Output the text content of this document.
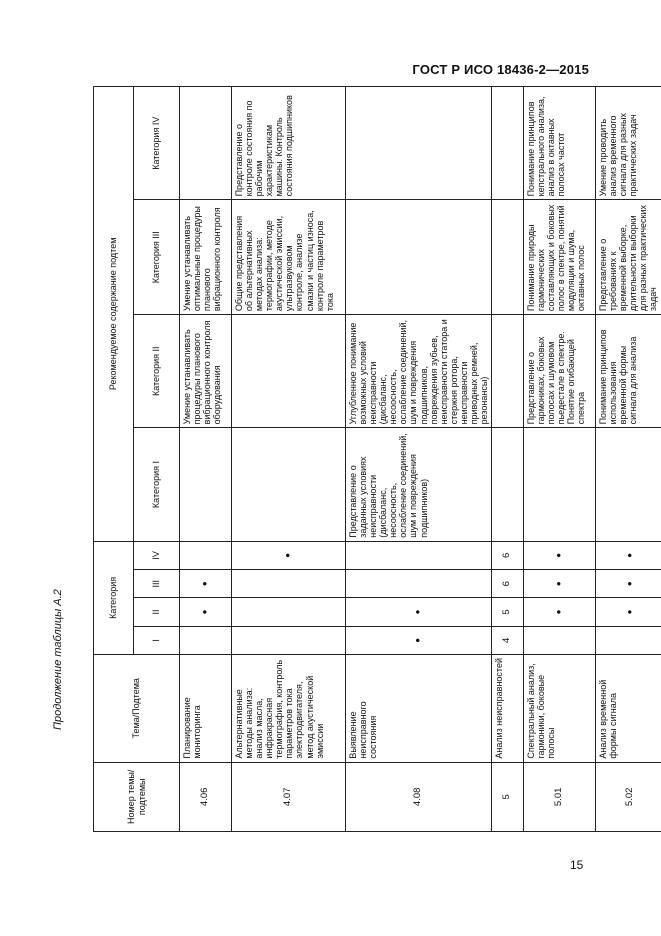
ГОСТ Р ИСО 18436-2—2015
Продолжение таблицы А.2
Номер темы/ подтемы	Тема/Подтема	Категория				Рекомендуемое содержание подтем			
		I	II	III	IV	Категория I	Категория II	Категория III	Категория IV
4.06	Планирование мониторинга		•	•			Умение устанавливать процедуры планового вибрационного контроля оборудования	Умение устанавливать оптимальные процедуры планового вибрационного контроля	
4.07	Альтернативные методы анализа: анализ масла, инфракрасная термография, контроль параметров тока электродвигателя, метод акустической эмиссии				•			Общие представления об альтернативных методах анализа: термографии, методе акустической эмиссии, ультразвуковом контроле, анализе смазки и частиц износа, контроле параметров тока	Представление о контроле состояния по рабочим характеристикам машины. Контроль состояния подшипников
4.08	Выявление неисправного состояния	•	•			Представление о заданных условиях неисправности (дисбаланс, несоосность, ослабление соединений, шум и повреждения подшипников)	Углубленное понимание возможных условий неисправности (дисбаланс, несоосность, ослабление соединений, шум и повреждения подшипников, повреждения зубьев, неисправности статора и стержня ротора, неисправности приводных ремней, резонансы)		
5	Анализ неисправностей	4	5	6	6				
5.01	Спектральный анализ, гармоники, боковые полосы		•	•	•		Представление о гармониках, боковых полосах и шумовом пьедестале в спектре. Понятие огибающей спектра	Понимание природы гармонических составляющих и боковых полос в спектре, понятий модуляции и шума, октавных полос	Понимание принципов кепстрального анализа, анализ в октавных полосах частот
5.02	Анализ временной формы сигнала		•	•	•		Понимание принципов использования временной формы сигнала для анализа	Представление о требованиях к временной выборке, длительности выборки для разных практических задач	Умение проводить анализ временного сигнала для разных практических задач
15
